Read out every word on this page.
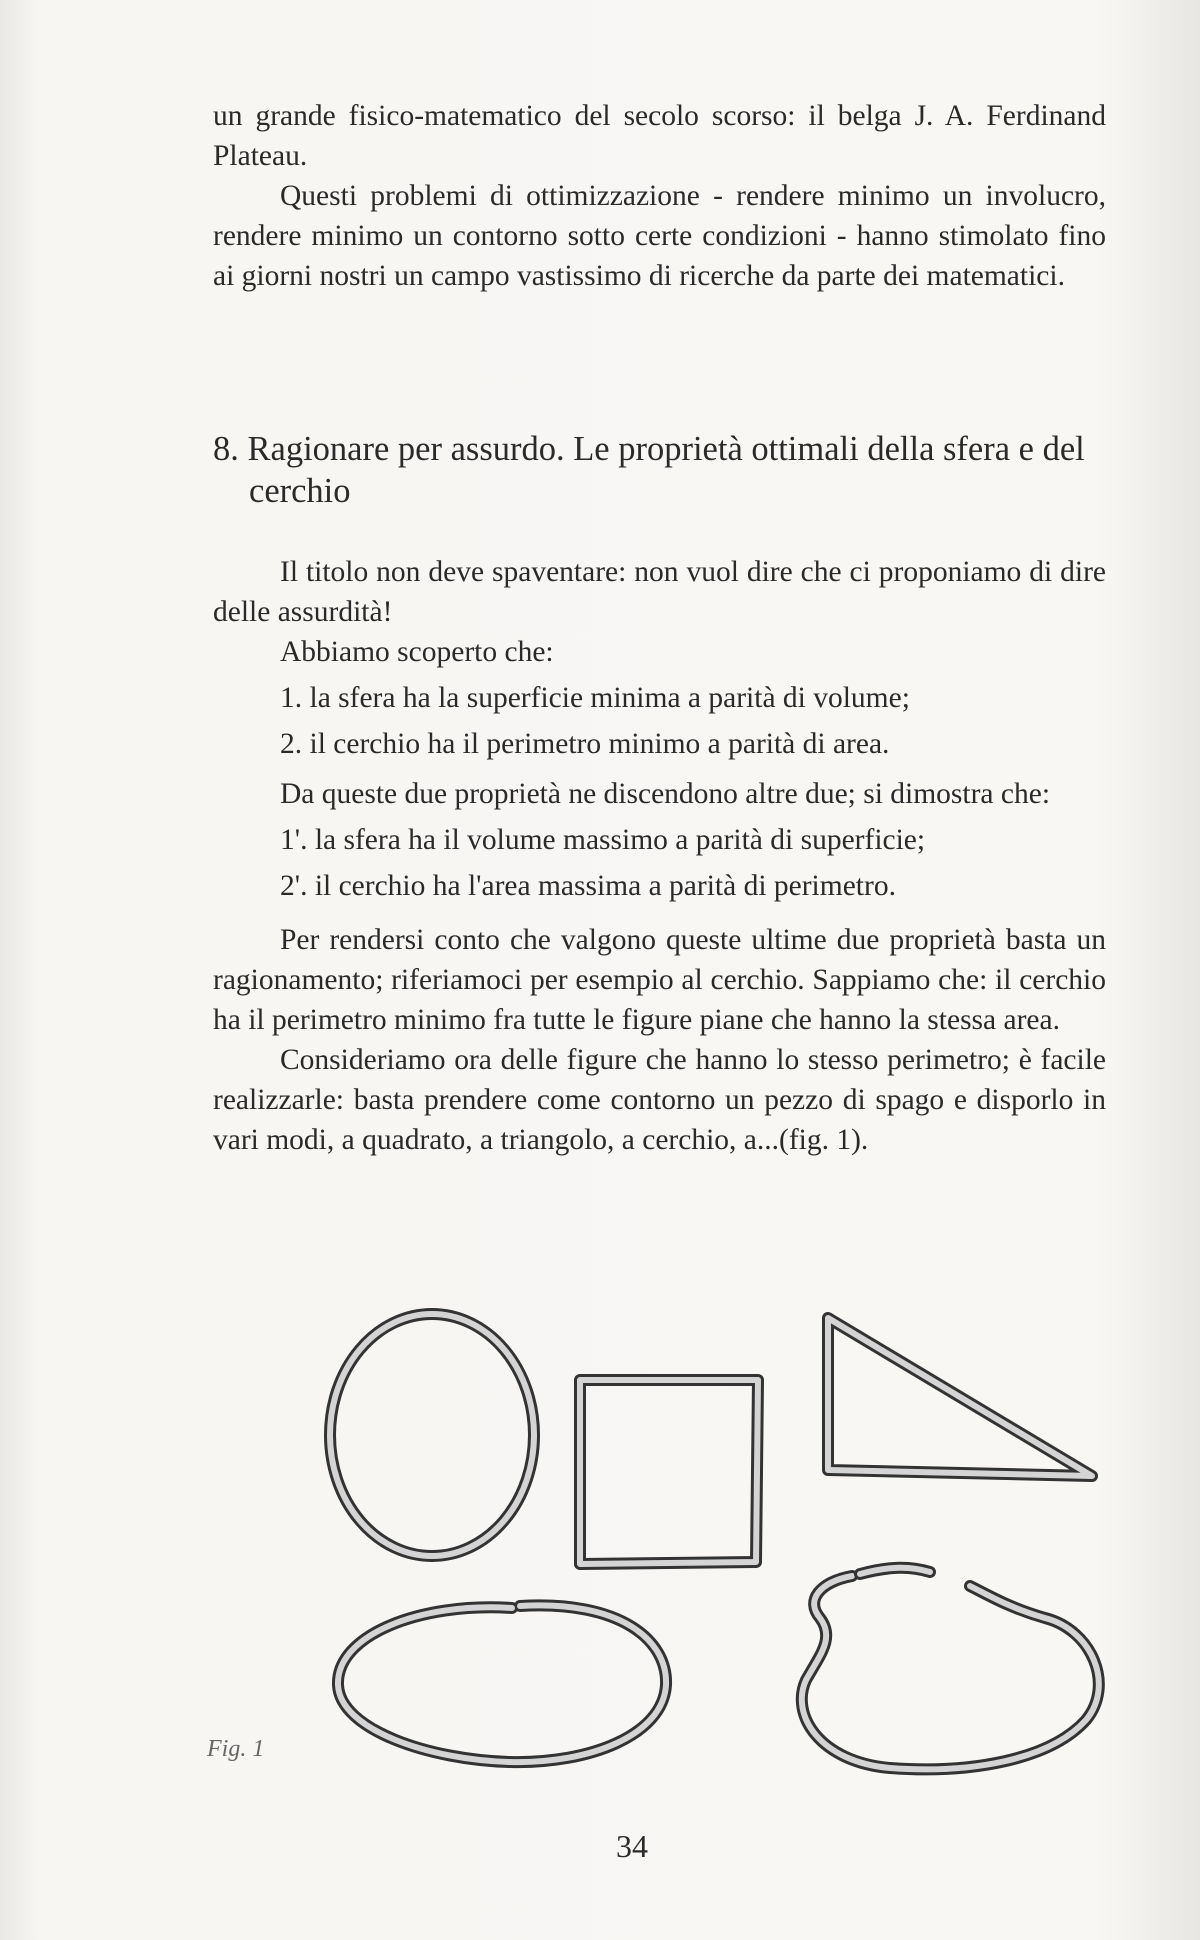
un grande fisico-matematico del secolo scorso: il belga J. A. Ferdinand Plateau.

Questi problemi di ottimizzazione - rendere minimo un involucro, rendere minimo un contorno sotto certe condizioni - hanno stimolato fino ai giorni nostri un campo vastissimo di ricerche da parte dei matematici.

8. Ragionare per assurdo. Le proprietà ottimali della sfera e del cerchio

Il titolo non deve spaventare: non vuol dire che ci proponiamo di dire delle assurdità!

Abbiamo scoperto che:

1. la sfera ha la superficie minima a parità di volume;

2. il cerchio ha il perimetro minimo a parità di area.

Da queste due proprietà ne discendono altre due; si dimostra che:

1'. la sfera ha il volume massimo a parità di superficie;

2'. il cerchio ha l'area massima a parità di perimetro.

Per rendersi conto che valgono queste ultime due proprietà basta un ragionamento; riferiamoci per esempio al cerchio. Sappiamo che: il cerchio ha il perimetro minimo fra tutte le figure piane che hanno la stessa area.

Consideriamo ora delle figure che hanno lo stesso perimetro; è facile realizzarle: basta prendere come contorno un pezzo di spago e disporlo in vari modi, a quadrato, a triangolo, a cerchio, a...(fig. 1).

Fig. 1
34
